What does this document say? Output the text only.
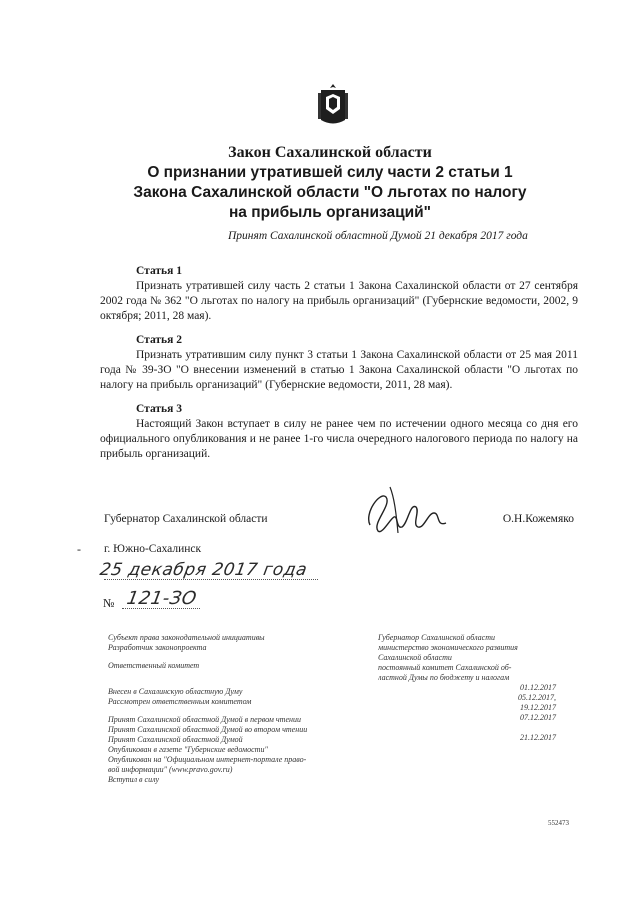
Закон Сахалинской области
О признании утратившей силу части 2 статьи 1
Закона Сахалинской области "О льготах по налогу
на прибыль организаций"
Принят Сахалинской областной Думой 21 декабря 2017 года
Статья 1
Признать утратившей силу часть 2 статьи 1 Закона Сахалинской области от 27 сентября 2002 года № 362 "О льготах по налогу на прибыль организаций" (Губернские ведомости, 2002, 9 октября; 2011, 28 мая).
Статья 2
Признать утратившим силу пункт 3 статьи 1 Закона Сахалинской области от 25 мая 2011 года № 39-ЗО "О внесении изменений в статью 1 Закона Сахалинской области "О льготах по налогу на прибыль организаций" (Губернские ведомости, 2011, 28 мая).
Статья 3
Настоящий Закон вступает в силу не ранее чем по истечении одного месяца со дня его официального опубликования и не ранее 1-го числа очередного налогового периода по налогу на прибыль организаций.
Губернатор Сахалинской области	О.Н.Кожемяко
- г. Южно-Сахалинск
25 декабря 2017 года
№ 121-ЗО
Субъект права законодательной инициативы
Разработчик законопроекта
Ответственный комитет
Внесен в Сахалинскую областную Думу
Рассмотрен ответственным комитетом
Принят Сахалинской областной Думой в первом чтении
Принят Сахалинской областной Думой во втором чтении
Принят Сахалинской областной Думой
Опубликован в газете "Губернские ведомости"
Опубликован на "Официальном интернет-портале право-
вой информации" (www.pravo.gov.ru)
Вступил в силу
Губернатор Сахалинской области
министерство экономического развития
Сахалинской области
постоянный комитет Сахалинской об-
ластной Думы по бюджету и налогам
01.12.2017
05.12.2017,
19.12.2017
07.12.2017
21.12.2017
552473
